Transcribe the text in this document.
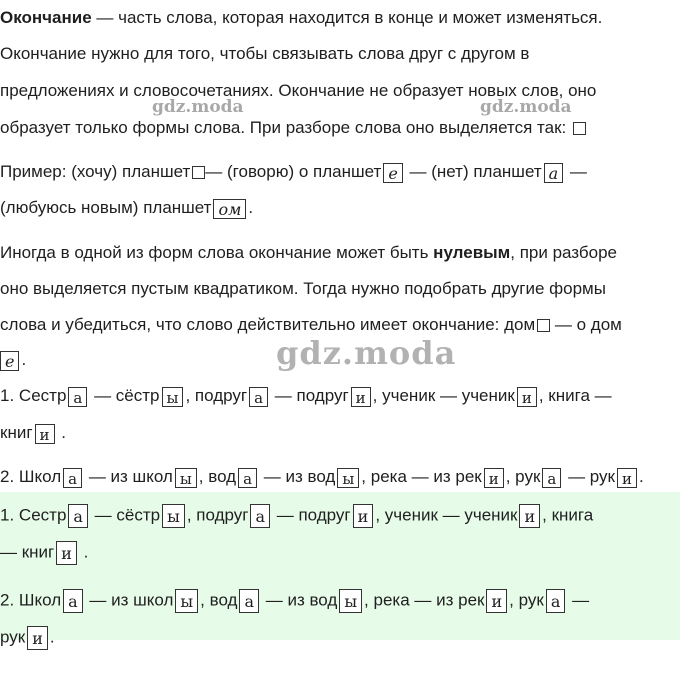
Окончание — часть слова, которая находится в конце и может изменяться.
Окончание нужно для того, чтобы связывать слова друг с другом в
предложениях и словосочетаниях. Окончание не образует новых слов, оно
образует только формы слова. При разборе слова оно выделяется так:
Пример: (хочу) планшет — (говорю) о планшет е — (нет) планшет а —
(любуюсь новым) планшет ом .
Иногда в одной из форм слова окончание может быть нулевым, при разборе
оно выделяется пустым квадратиком. Тогда нужно подобрать другие формы
слова и убедиться, что слово действительно имеет окончание: дом — о дом
е .
1. Сестр а — сёстр ы , подруг а — подруг и , ученик — ученик и , книга —
книг и .
2. Школ а — из школ ы , вод а — из вод ы , река — из рек и , рук а — рук и .
1. Сестр а — сёстр ы , подруг а — подруг и , ученик — ученик и , книга
— книг и .
2. Школ а — из школ ы , вод а — из вод ы , река — из рек и , рук а —
рук и .
gdz.moda	gdz.moda
gdz.moda
